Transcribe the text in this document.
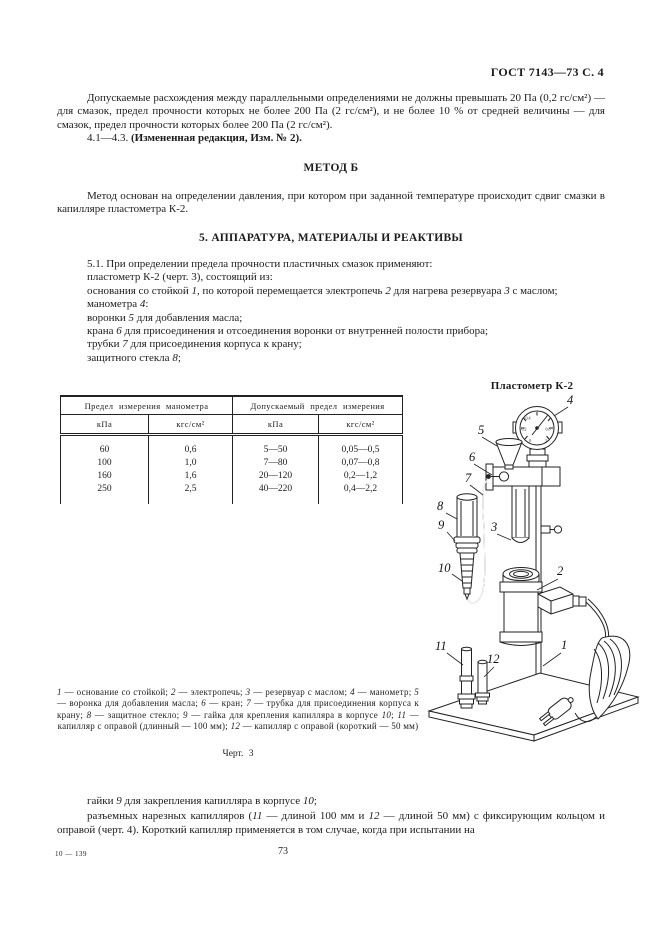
ГОСТ 7143—73 С. 4

Допускаемые расхождения между параллельными определениями не должны превышать 20 Па (0,2 гс/см²) — для смазок, предел прочности которых не более 200 Па (2 гс/см²), и не более 10 % от средней величины — для смазок, предел прочности которых более 200 Па (2 гс/см²).

4.1—4.3. (Измененная редакция, Изм. № 2).

МЕТОД Б

Метод основан на определении давления, при котором при заданной температуре происходит сдвиг смазки в капилляре пластометра К-2.

5. АППАРАТУРА, МАТЕРИАЛЫ И РЕАКТИВЫ

5.1. При определении предела прочности пластичных смазок применяют:

пластометр К-2 (черт. 3), состоящий из:

основания со стойкой 1, по которой перемещается электропечь 2 для нагрева резервуара 3 с маслом;

манометра 4:

воронки 5 для добавления масла;

крана 6 для присоединения и отсоединения воронки от внутренней полости прибора;

трубки 7 для присоединения корпуса к крану;

защитного стекла 8;

Пластометр К-2
Предел измерения манометра		Допускаемый предел измерения	
кПа	кгс/см²	кПа	кгс/см²
60	0,6	5—50	0,05—0,5
100	1,0	7—80	0,07—0,8
160	1,6	20—120	0,2—1,2
250	2,5	40—220	0,4—2,2
0
0,2
0,4
0,8
1
1
2
3
4
5
6
7
8
9
10
11
12
1 — основание со стойкой; 2 — электропечь; 3 — резервуар с маслом; 4 — манометр; 5 — воронка для добавления масла; 6 — кран; 7 — трубка для присоединения корпуса к крану; 8 — защитное стекло; 9 — гайка для крепления капилляра в корпусе 10; 11 — капилляр с оправой (длинный — 100 мм); 12 — капилляр с оправой (короткий — 50 мм)
Черт. 3

гайки 9 для закрепления капилляра в корпусе 10;

разъемных нарезных капилляров (11 — длиной 100 мм и 12 — длиной 50 мм) с фиксирующим кольцом и оправой (черт. 4). Короткий капилляр применяется в том случае, когда при испытании на

10 — 139	73
